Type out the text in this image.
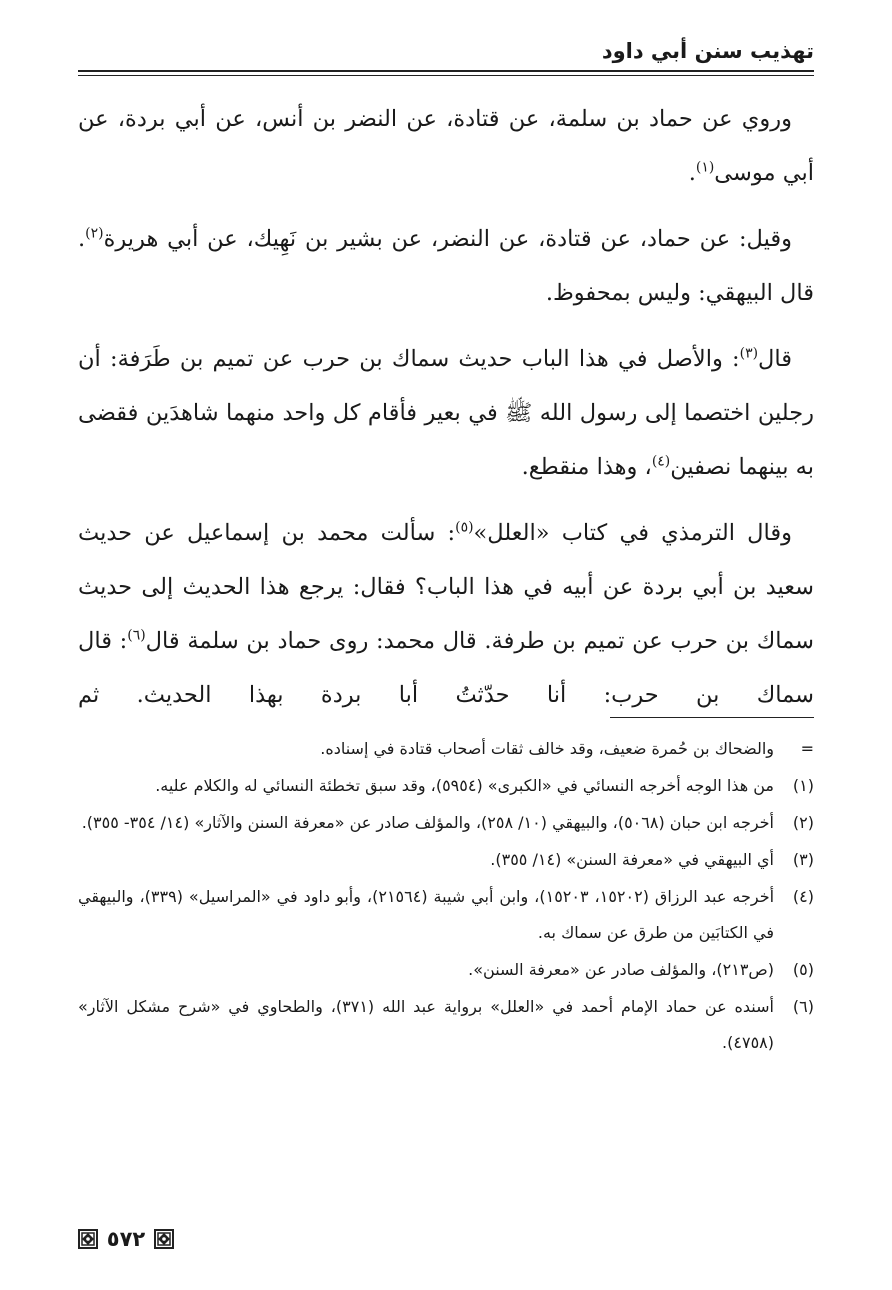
تهذيب سنن أبي داود

وروي عن حماد بن سلمة، عن قتادة، عن النضر بن أنس، عن أبي بردة، عن أبي موسى$^{(١)}$.

وقيل: عن حماد، عن قتادة، عن النضر، عن بشير بن نَهِيك، عن أبي هريرة$^{(٢)}$. قال البيهقي: وليس بمحفوظ.

قال$^{(٣)}$: والأصل في هذا الباب حديث سماك بن حرب عن تميم بن طَرَفة: أن رجلين اختصما إلى رسول الله ﷺ في بعير فأقام كل واحد منهما شاهدَين فقضى به بينهما نصفين$^{(٤)}$، وهذا منقطع.

وقال الترمذي في كتاب «العلل»$^{(٥)}$: سألت محمد بن إسماعيل عن حديث سعيد بن أبي بردة عن أبيه في هذا الباب؟ فقال: يرجع هذا الحديث إلى حديث سماك بن حرب عن تميم بن طرفة. قال محمد: روى حماد بن سلمة قال$^{(٦)}$: قال سماك بن حرب: أنا حدّثتُ أبا بردة بهذا الحديث. ثم

=
والضحاك بن حُمرة ضعيف، وقد خالف ثقات أصحاب قتادة في إسناده.
(١)
من هذا الوجه أخرجه النسائي في «الكبرى» (٥٩٥٤)، وقد سبق تخطئة النسائي له والكلام عليه.
(٢)
أخرجه ابن حبان (٥٠٦٨)، والبيهقي (١٠/ ٢٥٨)، والمؤلف صادر عن «معرفة السنن والآثار» (١٤/ ٣٥٤- ٣٥٥).
(٣)
أي البيهقي في «معرفة السنن» (١٤/ ٣٥٥).
(٤)
أخرجه عبد الرزاق (١٥٢٠٢، ١٥٢٠٣)، وابن أبي شيبة (٢١٥٦٤)، وأبو داود في «المراسيل» (٣٣٩)، والبيهقي في الكتابَين من طرق عن سماك به.
(٥)
(ص٢١٣)، والمؤلف صادر عن «معرفة السنن».
(٦)
أسنده عن حماد الإمام أحمد في «العلل» برواية عبد الله (٣٧١)، والطحاوي في «شرح مشكل الآثار» (٤٧٥٨).
٥٧٢
